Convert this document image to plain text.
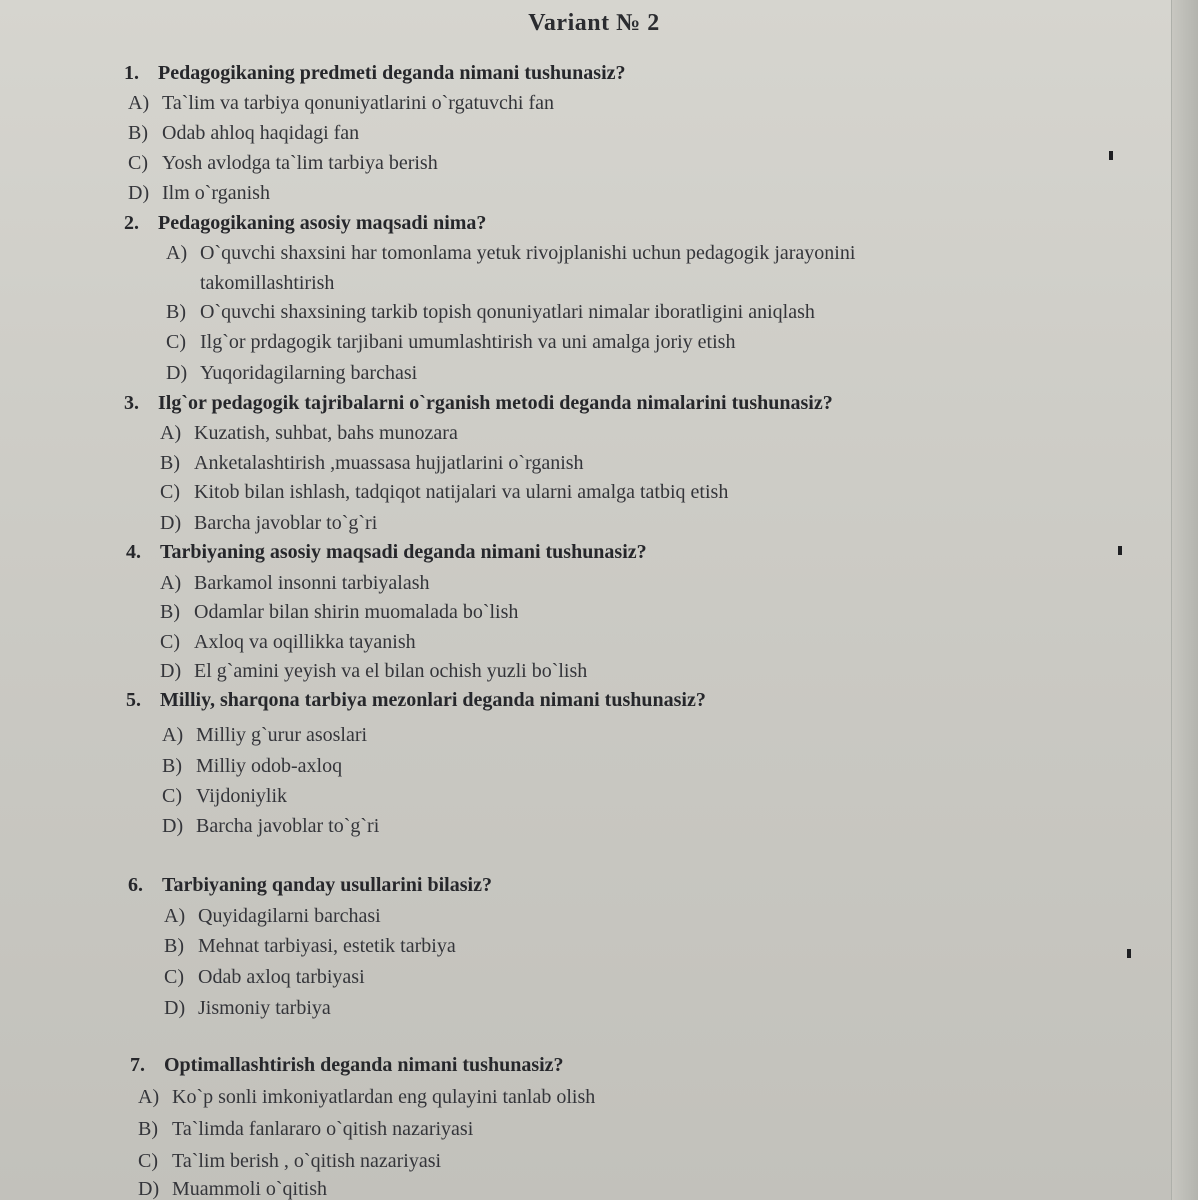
Variant № 2
1. Pedagogikaning predmeti deganda nimani tushunasiz?
A) Ta`lim va tarbiya qonuniyatlarini o`rgatuvchi fan
B) Odab ahloq haqidagi fan
C) Yosh avlodga ta`lim tarbiya berish
D) Ilm o`rganish
2. Pedagogikaning asosiy maqsadi nima?
A) O`quvchi shaxsini har tomonlama yetuk rivojplanishi uchun pedagogik jarayonini
takomillashtirish
B) O`quvchi shaxsining tarkib topish qonuniyatlari nimalar iboratligini aniqlash
C) Ilg`or prdagogik tarjibani umumlashtirish va uni amalga joriy etish
D) Yuqoridagilarning barchasi
3. Ilg`or pedagogik tajribalarni o`rganish metodi deganda nimalarini tushunasiz?
A) Kuzatish, suhbat, bahs munozara
B) Anketalashtirish ,muassasa hujjatlarini o`rganish
C) Kitob bilan ishlash, tadqiqot natijalari va ularni amalga tatbiq etish
D) Barcha javoblar to`g`ri
4. Tarbiyaning asosiy maqsadi deganda nimani tushunasiz?
A) Barkamol insonni tarbiyalash
B) Odamlar bilan shirin muomalada bo`lish
C) Axloq va oqillikka tayanish
D) El g`amini yeyish va el bilan ochish yuzli bo`lish
5. Milliy, sharqona tarbiya mezonlari deganda nimani tushunasiz?
A) Milliy g`urur asoslari
B) Milliy odob-axloq
C) Vijdoniylik
D) Barcha javoblar to`g`ri
6. Tarbiyaning qanday usullarini bilasiz?
A) Quyidagilarni barchasi
B) Mehnat tarbiyasi, estetik tarbiya
C) Odab axloq tarbiyasi
D) Jismoniy tarbiya
7. Optimallashtirish deganda nimani tushunasiz?
A) Ko`p sonli imkoniyatlardan eng qulayini tanlab olish
B) Ta`limda fanlararo o`qitish nazariyasi
C) Ta`lim berish , o`qitish nazariyasi
D) Muammoli o`qitish
